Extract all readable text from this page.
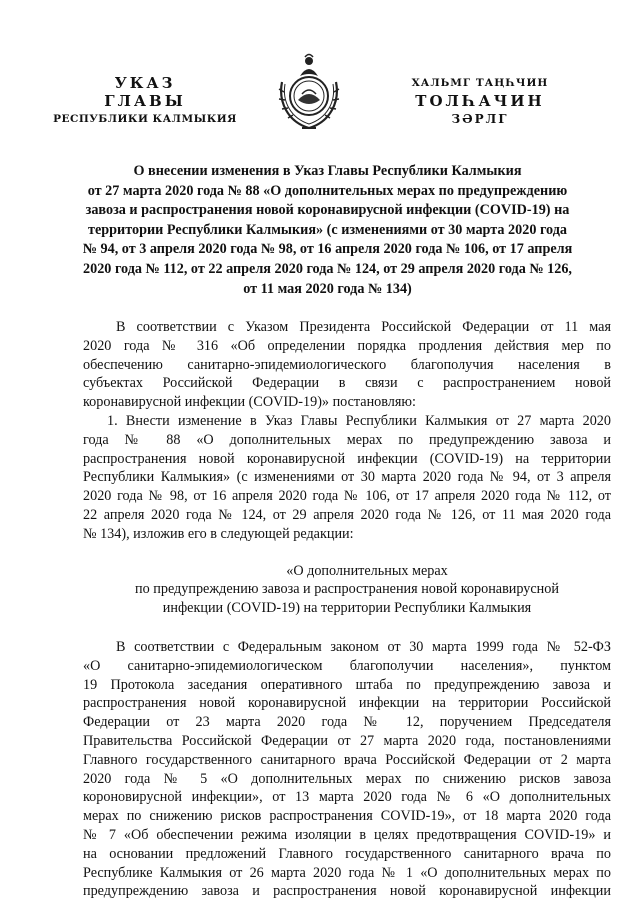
УКАЗ
ГЛАВЫ
РЕСПУБЛИКИ КАЛМЫКИЯ
ХАЛЬМГ ТАҢҺЧИН
ТОЛҺАЧИН
ЗӘРЛГ
О внесении изменения в Указ Главы Республики Калмыкия
от 27 марта 2020 года № 88 «О дополнительных мерах по предупреждению
завоза и распространения новой коронавирусной инфекции (COVID-19) на
территории Республики Калмыкия» (с изменениями от 30 марта 2020 года
№ 94, от 3 апреля 2020 года № 98, от 16 апреля 2020 года № 106, от 17 апреля
2020 года № 112, от 22 апреля 2020 года № 124, от 29 апреля 2020 года № 126,
от 11 мая 2020 года № 134)
В соответствии с Указом Президента Российской Федерации от 11 мая
2020 года № 316 «Об определении порядка продления действия мер по
обеспечению санитарно-эпидемиологического благополучия населения в
субъектах Российской Федерации в связи с распространением новой
коронавирусной инфекции (COVID-19)» постановляю:
1. Внести изменение в Указ Главы Республики Калмыкия от 27 марта 2020
года № 88 «О дополнительных мерах по предупреждению завоза и
распространения новой коронавирусной инфекции (COVID-19) на территории
Республики Калмыкия» (с изменениями от 30 марта 2020 года № 94, от 3 апреля
2020 года № 98, от 16 апреля 2020 года № 106, от 17 апреля 2020 года № 112, от
22 апреля 2020 года № 124, от 29 апреля 2020 года № 126, от 11 мая 2020 года
№ 134), изложив его в следующей редакции:
«О дополнительных мерах
по предупреждению завоза и распространения новой коронавирусной
инфекции (COVID-19) на территории Республики Калмыкия
В соответствии с Федеральным законом от 30 марта 1999 года № 52-ФЗ
«О санитарно-эпидемиологическом благополучии населения», пунктом
19 Протокола заседания оперативного штаба по предупреждению завоза и
распространения новой коронавирусной инфекции на территории Российской
Федерации от 23 марта 2020 года № 12, поручением Председателя
Правительства Российской Федерации от 27 марта 2020 года, постановлениями
Главного государственного санитарного врача Российской Федерации от 2 марта
2020 года № 5 «О дополнительных мерах по снижению рисков завоза
короновирусной инфекции», от 13 марта 2020 года № 6 «О дополнительных
мерах по снижению рисков распространения COVID-19», от 18 марта 2020 года
№ 7 «Об обеспечении режима изоляции в целях предотвращения COVID-19» и
на основании предложений Главного государственного санитарного врача по
Республике Калмыкия от 26 марта 2020 года № 1 «О дополнительных мерах по
предупреждению завоза и распространения новой коронавирусной инфекции
